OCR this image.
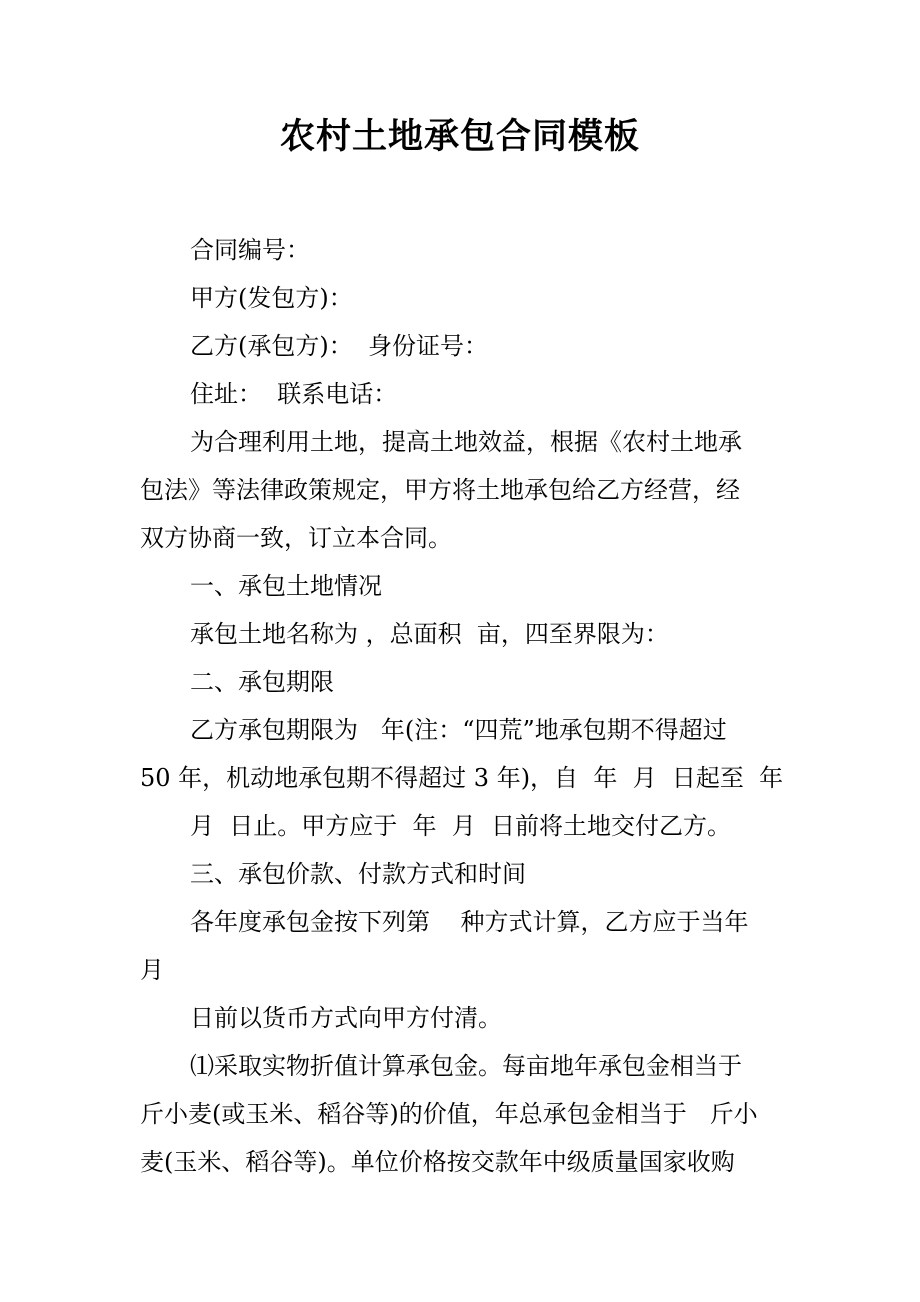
农村土地承包合同模板
合同编号：
甲方(发包方)：
乙方(承包方)：  身份证号：
住址：  联系电话：
为合理利用土地，提高土地效益，根据《农村土地承
包法》等法律政策规定，甲方将土地承包给乙方经营，经
双方协商一致，订立本合同。
一、承包土地情况
承包土地名称为 ，总面积  亩，四至界限为：
二、承包期限
乙方承包期限为   年(注：“四荒”地承包期不得超过
50 年，机动地承包期不得超过 3 年)，自  年  月  日起至  年
月  日止。甲方应于  年  月  日前将土地交付乙方。
三、承包价款、付款方式和时间
各年度承包金按下列第    种方式计算，乙方应于当年
月
日前以货币方式向甲方付清。
⑴采取实物折值计算承包金。每亩地年承包金相当于
斤小麦(或玉米、稻谷等)的价值，年总承包金相当于   斤小
麦(玉米、稻谷等)。单位价格按交款年中级质量国家收购
